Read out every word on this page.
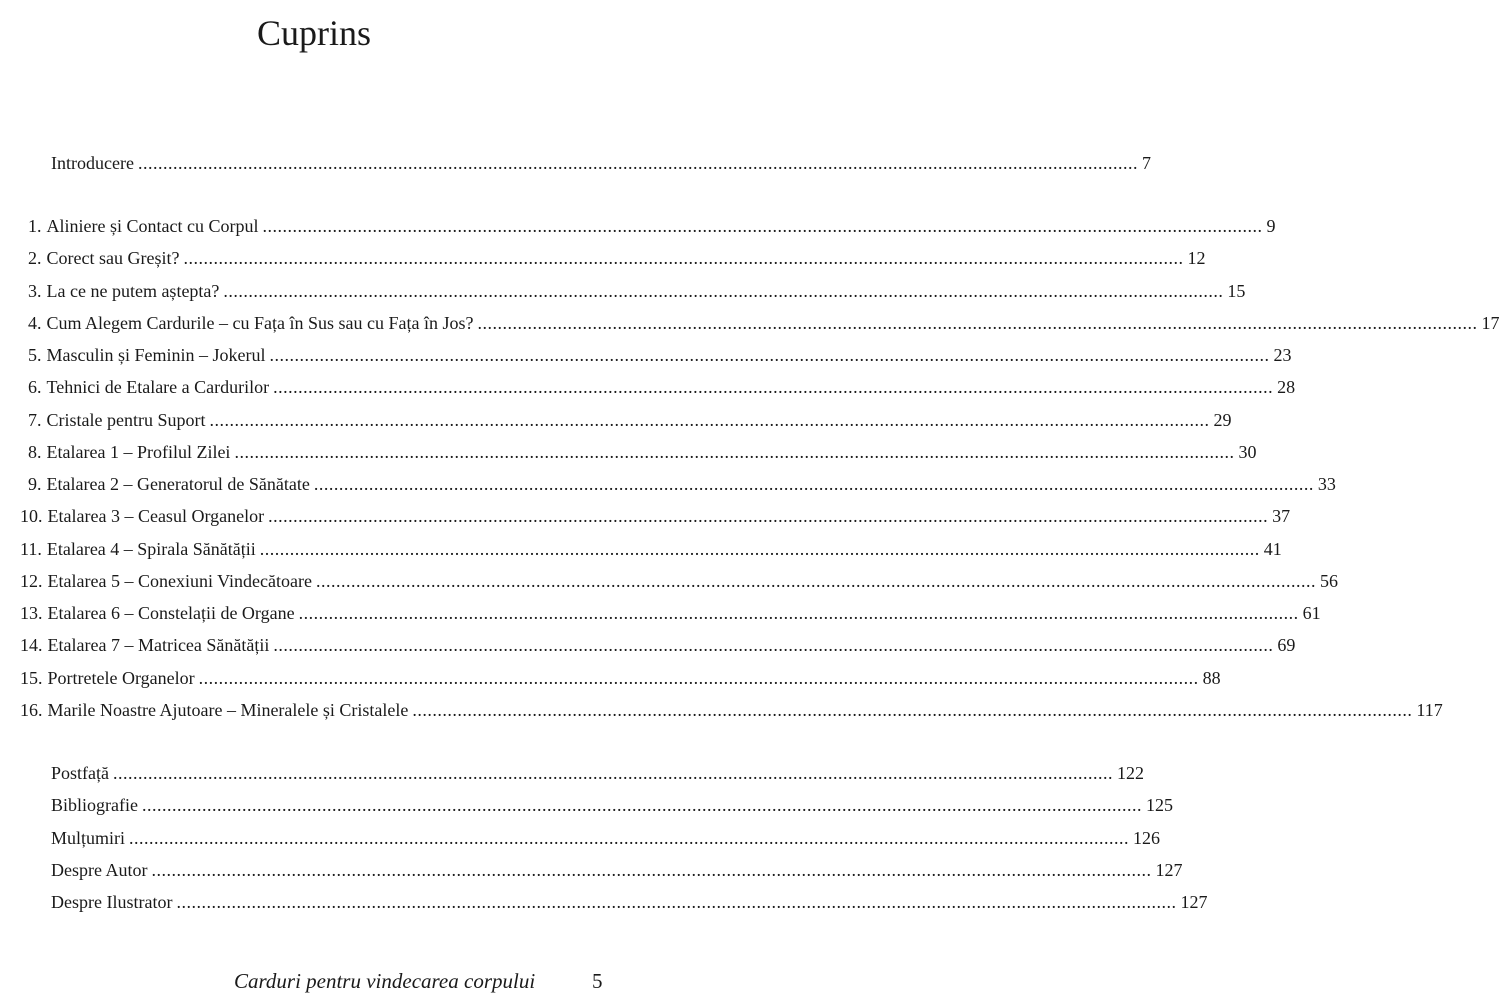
Cuprins
Introducere ........................................................................................................................................................................................................ 7
1. Aliniere și Contact cu Corpul ........................................................................................................................................................................................................ 9
2. Corect sau Greșit? ........................................................................................................................................................................................................ 12
3. La ce ne putem aștepta? ........................................................................................................................................................................................................ 15
4. Cum Alegem Cardurile – cu Fața în Sus sau cu Fața în Jos? ........................................................................................................................................................................................................ 17
5. Masculin și Feminin – Jokerul ........................................................................................................................................................................................................ 23
6. Tehnici de Etalare a Cardurilor ........................................................................................................................................................................................................ 28
7. Cristale pentru Suport ........................................................................................................................................................................................................ 29
8. Etalarea 1 – Profilul Zilei ........................................................................................................................................................................................................ 30
9. Etalarea 2 – Generatorul de Sănătate ........................................................................................................................................................................................................ 33
10. Etalarea 3 – Ceasul Organelor ........................................................................................................................................................................................................ 37
11. Etalarea 4 – Spirala Sănătății ........................................................................................................................................................................................................ 41
12. Etalarea 5 – Conexiuni Vindecătoare ........................................................................................................................................................................................................ 56
13. Etalarea 6 – Constelații de Organe ........................................................................................................................................................................................................ 61
14. Etalarea 7 – Matricea Sănătății ........................................................................................................................................................................................................ 69
15. Portretele Organelor ........................................................................................................................................................................................................ 88
16. Marile Noastre Ajutoare – Mineralele și Cristalele ........................................................................................................................................................................................................ 117
Postfață ........................................................................................................................................................................................................ 122
Bibliografie ........................................................................................................................................................................................................ 125
Mulțumiri ........................................................................................................................................................................................................ 126
Despre Autor ........................................................................................................................................................................................................ 127
Despre Ilustrator ........................................................................................................................................................................................................ 127
Carduri pentru vindecarea corpului	5
